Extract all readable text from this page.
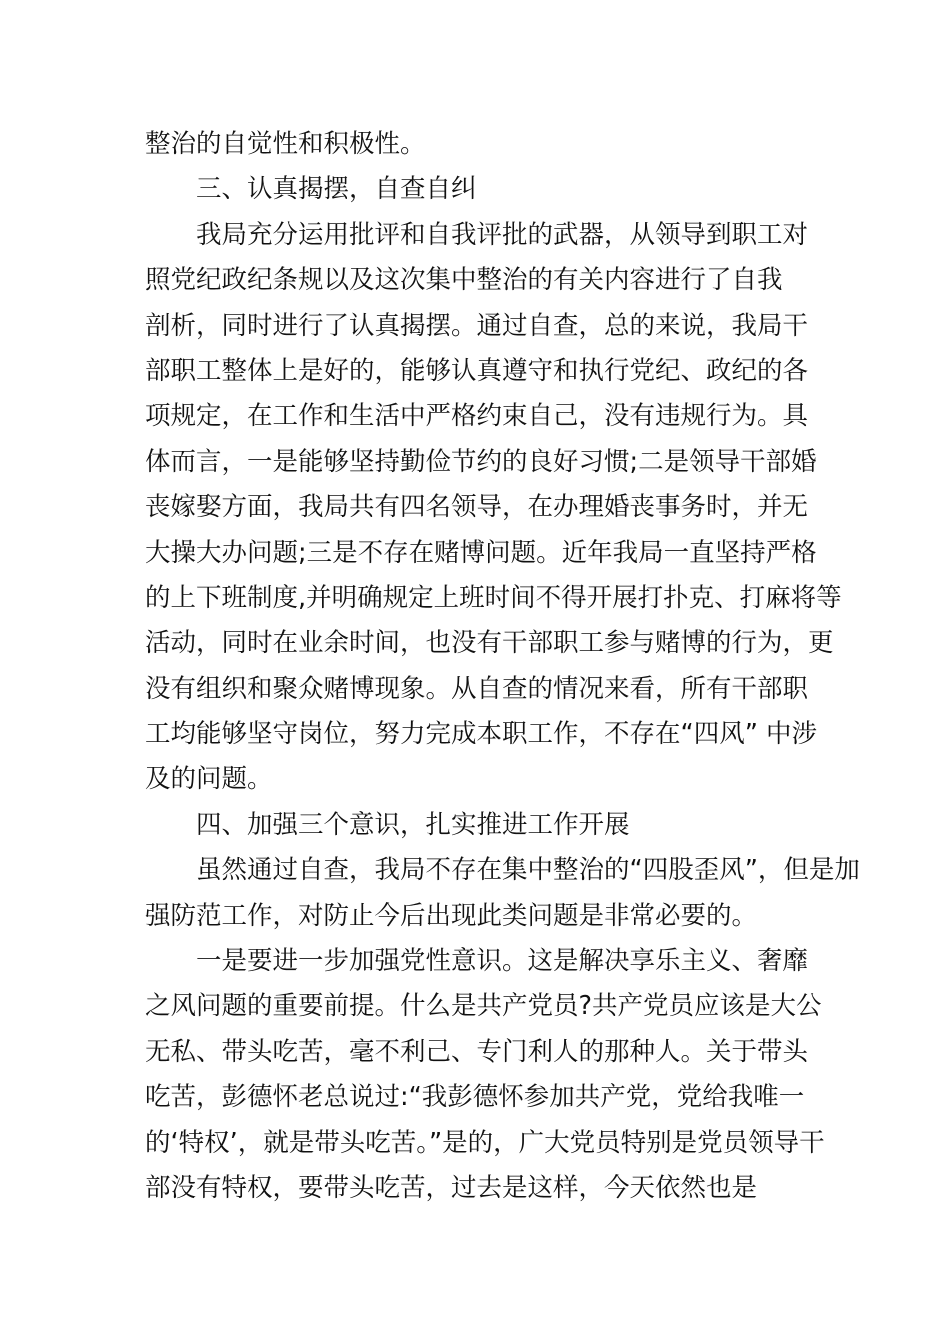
整治的自觉性和积极性。
三、认真揭摆，自查自纠
我局充分运用批评和自我评批的武器，从领导到职工对
照党纪政纪条规以及这次集中整治的有关内容进行了自我
剖析，同时进行了认真揭摆。通过自查，总的来说，我局干
部职工整体上是好的，能够认真遵守和执行党纪、政纪的各
项规定，在工作和生活中严格约束自己，没有违规行为。具
体而言，一是能够坚持勤俭节约的良好习惯;二是领导干部婚
丧嫁娶方面，我局共有四名领导，在办理婚丧事务时，并无
大操大办问题;三是不存在赌博问题。近年我局一直坚持严格
的上下班制度,并明确规定上班时间不得开展打扑克、打麻将等
活动，同时在业余时间，也没有干部职工参与赌博的行为，更
没有组织和聚众赌博现象。从自查的情况来看，所有干部职
工均能够坚守岗位，努力完成本职工作，不存在“四风” 中涉
及的问题。
四、加强三个意识，扎实推进工作开展
虽然通过自查，我局不存在集中整治的“四股歪风”，但是加
强防范工作，对防止今后出现此类问题是非常必要的。
一是要进一步加强党性意识。这是解决享乐主义、奢靡
之风问题的重要前提。什么是共产党员?共产党员应该是大公
无私、带头吃苦，毫不利己、专门利人的那种人。关于带头
吃苦，彭德怀老总说过:“我彭德怀参加共产党，党给我唯一
的‘特权’，就是带头吃苦。”是的，广大党员特别是党员领导干
部没有特权，要带头吃苦，过去是这样，今天依然也是
